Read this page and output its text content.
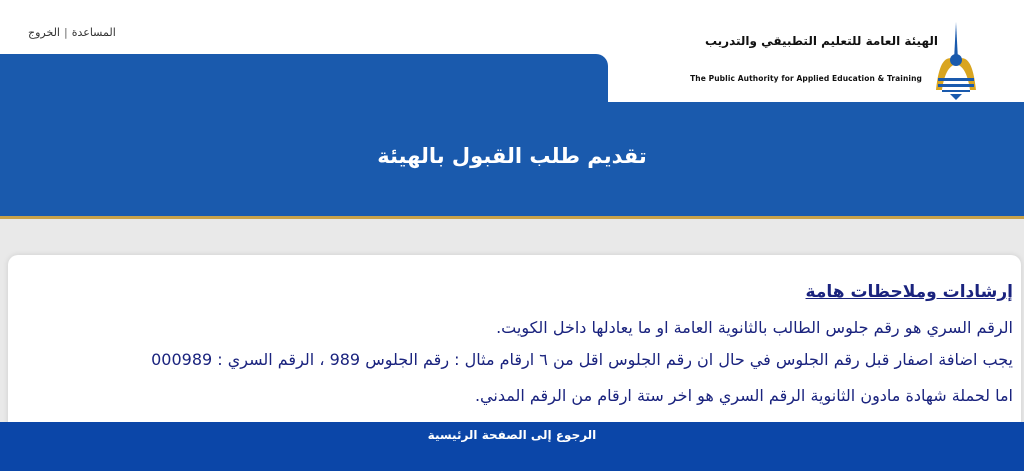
المساعدة|الخروج
الهيئة العامة للتعليم التطبيقي والتدريب
The Public Authority for Applied Education & Training
تقديم طلب القبول بالهيئة
إرشادات وملاحظات هامة
الرقم السري هو رقم جلوس الطالب بالثانوية العامة او ما يعادلها داخل الكويت.
يجب اضافة اصفار قبل رقم الجلوس في حال ان رقم الجلوس اقل من ٦ ارقام مثال : رقم الجلوس 989 ، الرقم السري : 000989
اما لحملة شهادة مادون الثانوية الرقم السري هو اخر ستة ارقام من الرقم المدني.
الرجوع إلى الصفحة الرئيسية
